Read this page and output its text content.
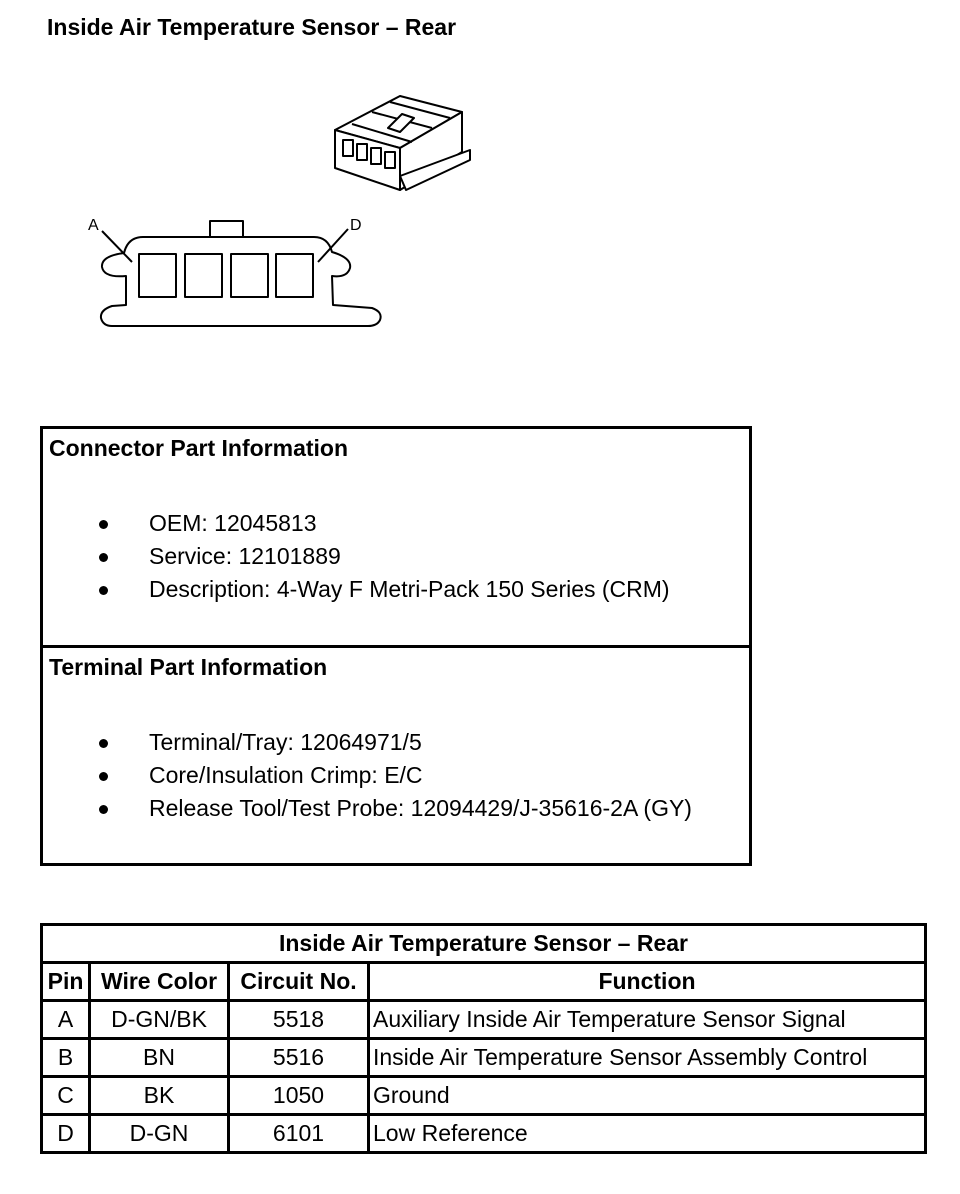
Inside Air Temperature Sensor – Rear
A	D
Connector Part Information
OEM: 12045813
Service: 12101889
Description: 4-Way F Metri-Pack 150 Series (CRM)
Terminal Part Information
Terminal/Tray: 12064971/5
Core/Insulation Crimp: E/C
Release Tool/Test Probe: 12094429/J-35616-2A (GY)
Inside Air Temperature Sensor – Rear			
Pin	Wire Color	Circuit No.	Function
A	D-GN/BK	5518	Auxiliary Inside Air Temperature Sensor Signal
B	BN	5516	Inside Air Temperature Sensor Assembly Control
C	BK	1050	Ground
D	D-GN	6101	Low Reference
